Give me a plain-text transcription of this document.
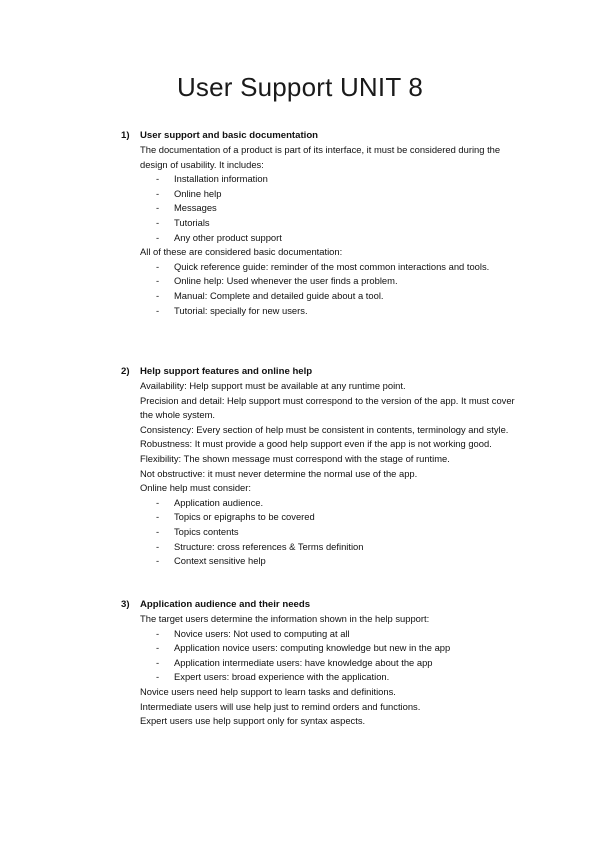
User Support UNIT 8
1) User support and basic documentation

The documentation of a product is part of its interface, it must be considered during the design of usability. It includes:

- Installation information
- Online help
- Messages
- Tutorials
- Any other product support

All of these are considered basic documentation:

- Quick reference guide: reminder of the most common interactions and tools.
- Online help: Used whenever the user finds a problem.
- Manual: Complete and detailed guide about a tool.
- Tutorial: specially for new users.
2) Help support features and online help

Availability: Help support must be available at any runtime point.

Precision and detail: Help support must correspond to the version of the app. It must cover the whole system.

Consistency: Every section of help must be consistent in contents, terminology and style.

Robustness: It must provide a good help support even if the app is not working good.

Flexibility: The shown message must correspond with the stage of runtime.

Not obstructive: it must never determine the normal use of the app.

Online help must consider:

- Application audience.
- Topics or epigraphs to be covered
- Topics contents
- Structure: cross references & Terms definition
- Context sensitive help
3) Application audience and their needs

The target users determine the information shown in the help support:

- Novice users: Not used to computing at all
- Application novice users: computing knowledge but new in the app
- Application intermediate users: have knowledge about the app
- Expert users: broad experience with the application.

Novice users need help support to learn tasks and definitions.

Intermediate users will use help just to remind orders and functions.

Expert users use help support only for syntax aspects.
